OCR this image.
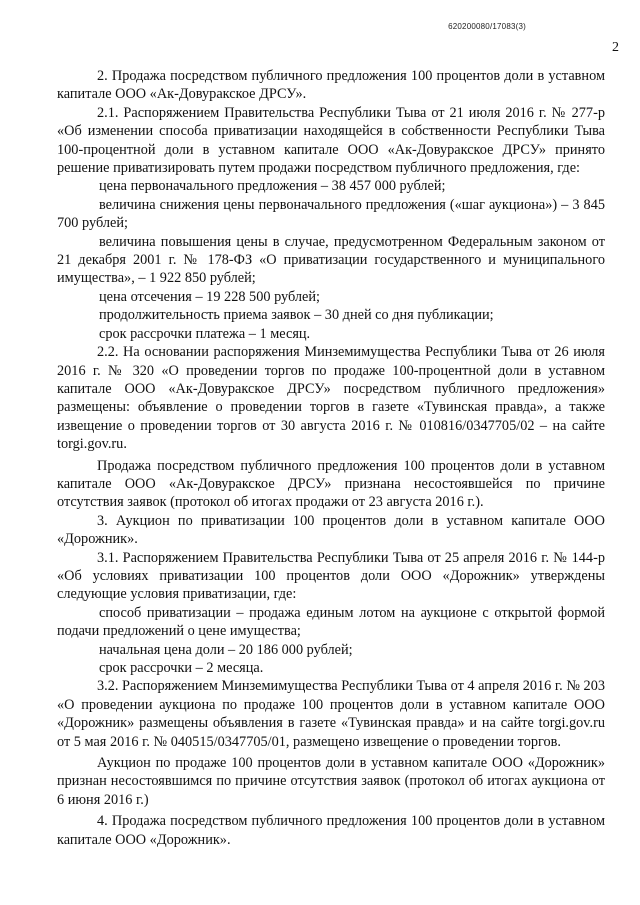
620200080/17083(3)
2

2. Продажа посредством публичного предложения 100 процентов доли в уставном капитале ООО «Ак-Довуракское ДРСУ».

2.1. Распоряжением Правительства Республики Тыва от 21 июля 2016 г. № 277-р «Об изменении способа приватизации находящейся в собственности Республики Тыва 100-процентной доли в уставном капитале ООО «Ак-Довуракское ДРСУ» принято решение приватизировать путем продажи посредством публичного предложения, где:

цена первоначального предложения – 38 457 000 рублей;

величина снижения цены первоначального предложения («шаг аукциона») – 3 845 700 рублей;

величина повышения цены в случае, предусмотренном Федеральным законом от 21 декабря 2001 г. № 178-ФЗ «О приватизации государственного и муниципального имущества», – 1 922 850 рублей;

цена отсечения – 19 228 500 рублей;

продолжительность приема заявок – 30 дней со дня публикации;

срок рассрочки платежа – 1 месяц.

2.2. На основании распоряжения Минземимущества Республики Тыва от 26 июля 2016 г. № 320 «О проведении торгов по продаже 100-процентной доли в уставном капитале ООО «Ак-Довуракское ДРСУ» посредством публичного предложения» размещены: объявление о проведении торгов в газете «Тувинская правда», а также извещение о проведении торгов от 30 августа 2016 г. № 010816/0347705/02 – на сайте torgi.gov.ru.

Продажа посредством публичного предложения 100 процентов доли в уставном капитале ООО «Ак-Довуракское ДРСУ» признана несостоявшейся по причине отсутствия заявок (протокол об итогах продажи от 23 августа 2016 г.).

3. Аукцион по приватизации 100 процентов доли в уставном капитале ООО «Дорожник».

3.1. Распоряжением Правительства Республики Тыва от 25 апреля 2016 г. № 144-р «Об условиях приватизации 100 процентов доли ООО «Дорожник» утверждены следующие условия приватизации, где:

способ приватизации – продажа единым лотом на аукционе с открытой формой подачи предложений о цене имущества;

начальная цена доли – 20 186 000 рублей;

срок рассрочки – 2 месяца.

3.2. Распоряжением Минземимущества Республики Тыва от 4 апреля 2016 г. № 203 «О проведении аукциона по продаже 100 процентов доли в уставном капитале ООО «Дорожник» размещены объявления в газете «Тувинская правда» и на сайте torgi.gov.ru от 5 мая 2016 г. № 040515/0347705/01, размещено извещение о проведении торгов.

Аукцион по продаже 100 процентов доли в уставном капитале ООО «Дорожник» признан несостоявшимся по причине отсутствия заявок (протокол об итогах аукциона от 6 июня 2016 г.)

4. Продажа посредством публичного предложения 100 процентов доли в уставном капитале ООО «Дорожник».
